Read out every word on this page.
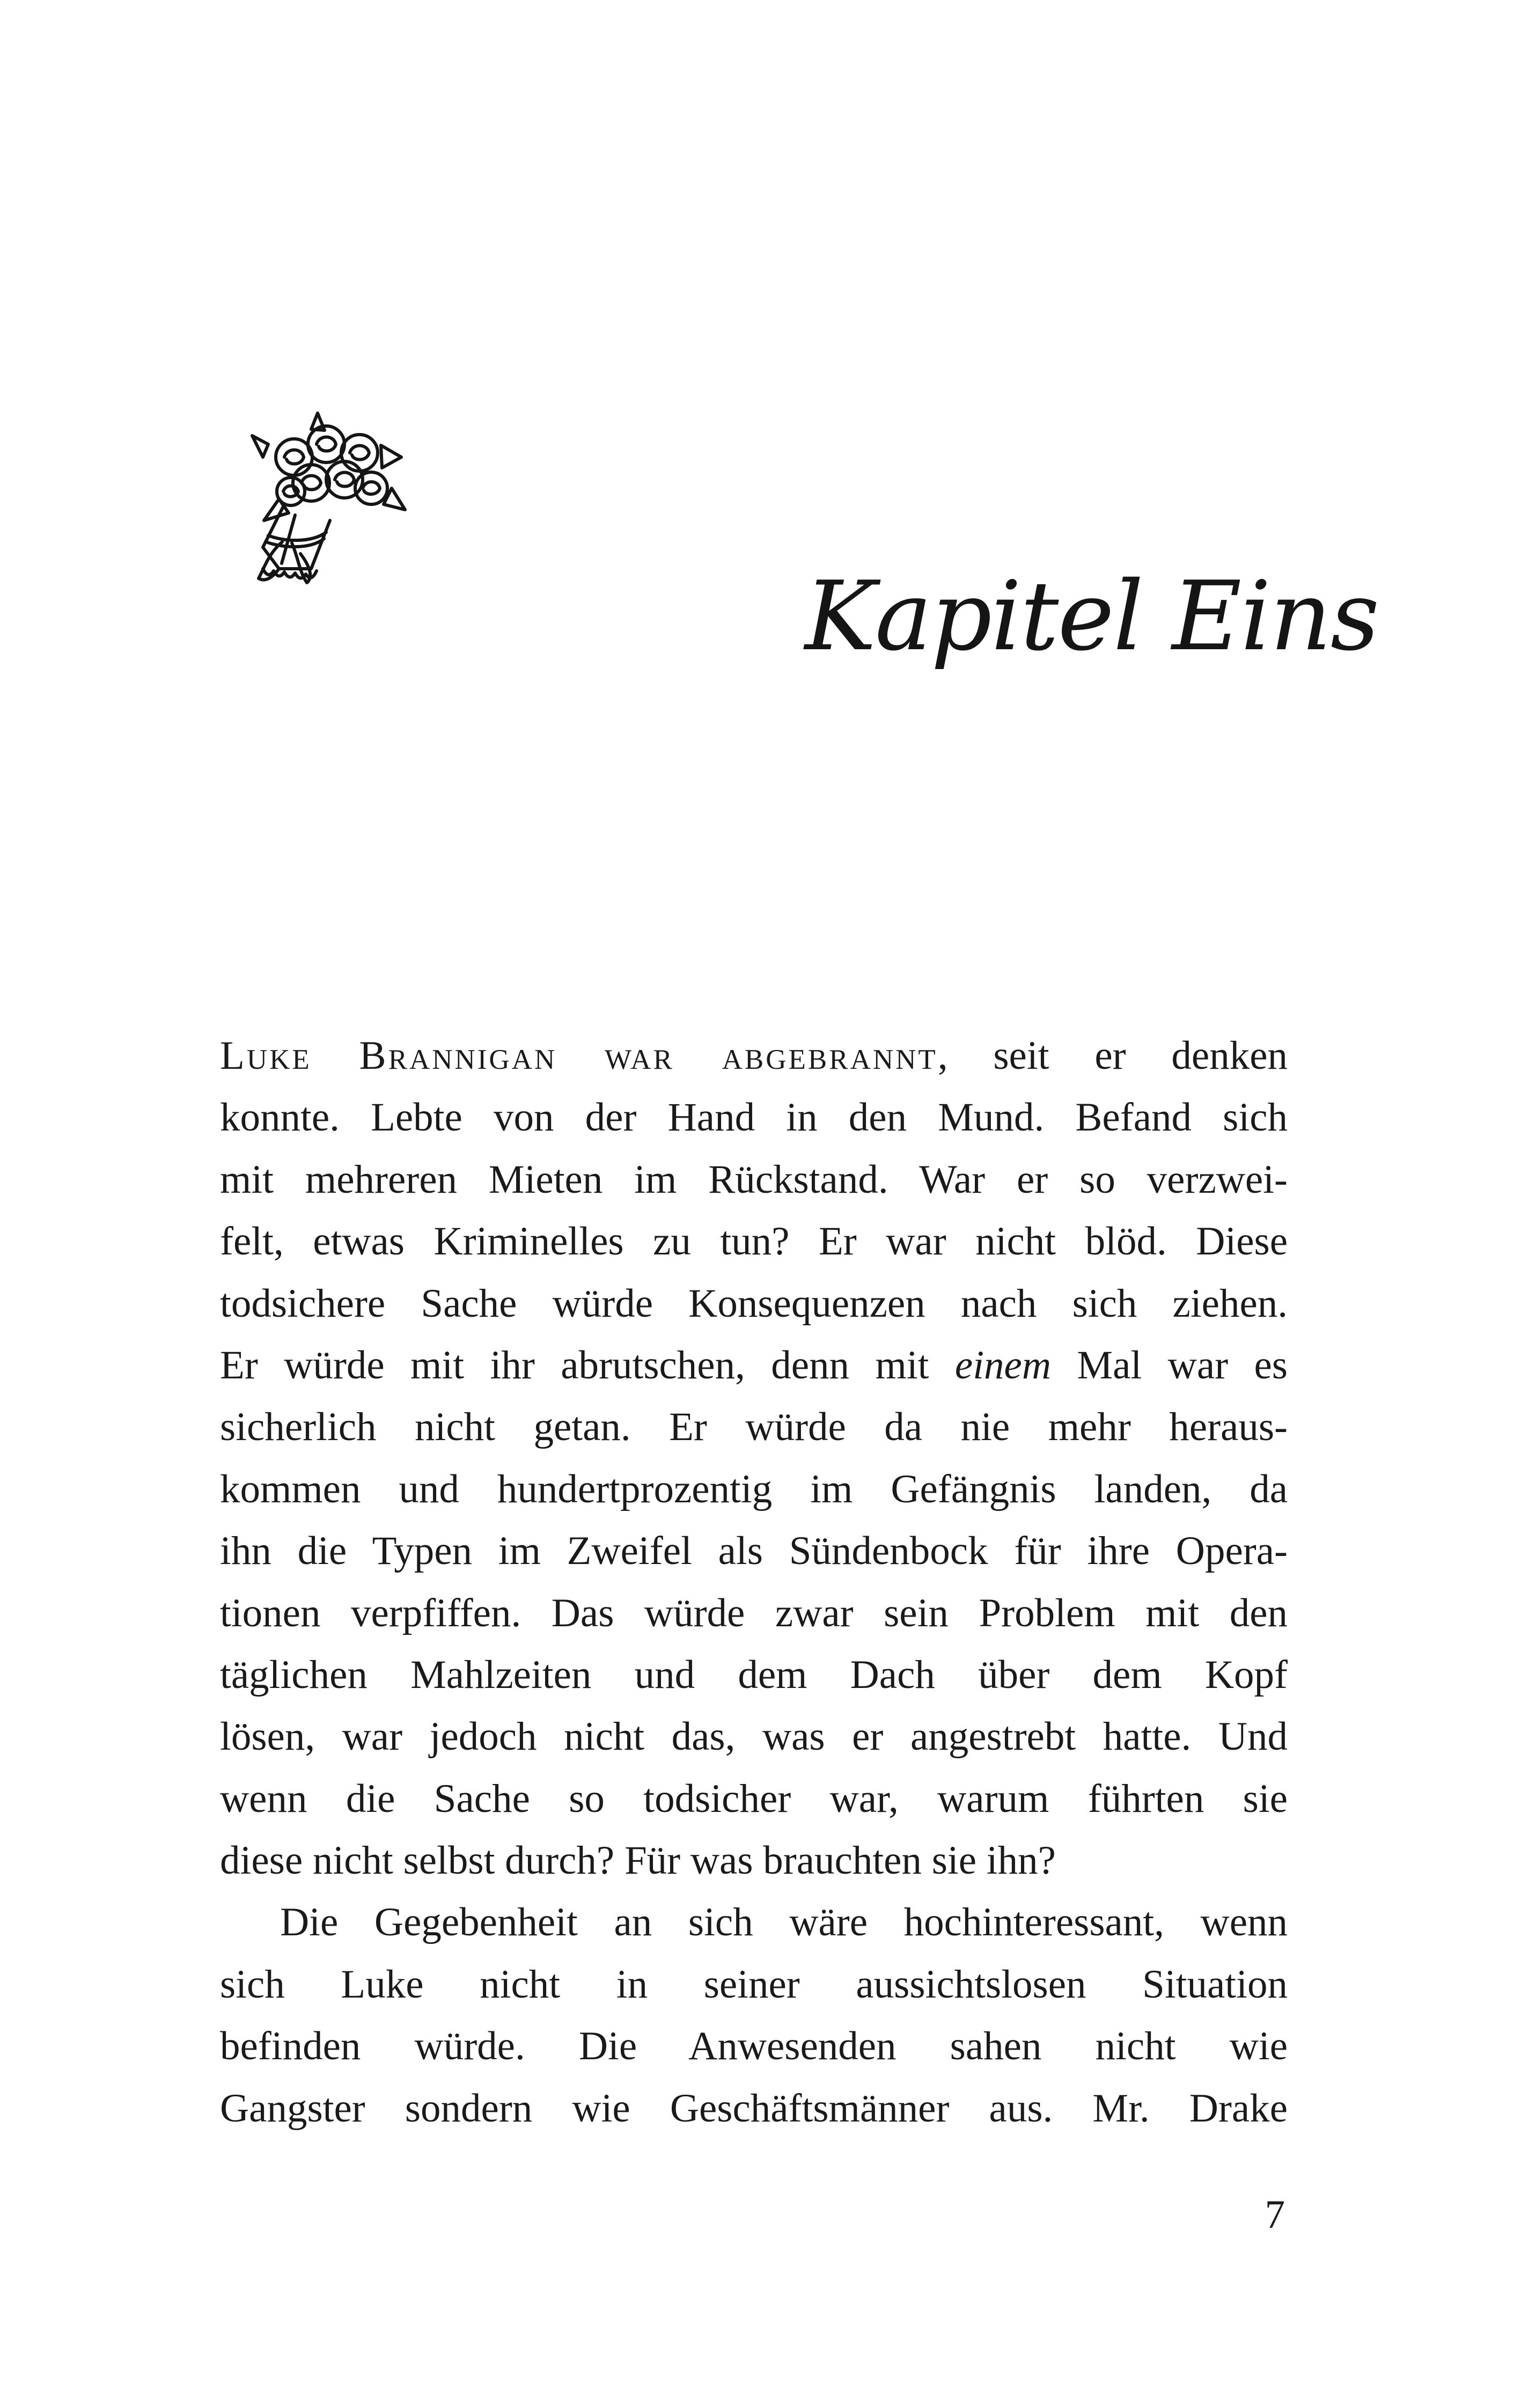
Kapitel Eins
Luke Brannigan war abgebrannt, seit er denken
konnte. Lebte von der Hand in den Mund. Befand sich
mit mehreren Mieten im Rückstand. War er so verzwei-
felt, etwas Kriminelles zu tun? Er war nicht blöd. Diese
todsichere Sache würde Konsequenzen nach sich ziehen.
Er würde mit ihr abrutschen, denn mit einem Mal war es
sicherlich nicht getan. Er würde da nie mehr heraus-
kommen und hundertprozentig im Gefängnis landen, da
ihn die Typen im Zweifel als Sündenbock für ihre Opera-
tionen verpfiffen. Das würde zwar sein Problem mit den
täglichen Mahlzeiten und dem Dach über dem Kopf
lösen, war jedoch nicht das, was er angestrebt hatte. Und
wenn die Sache so todsicher war, warum führten sie
diese nicht selbst durch? Für was brauchten sie ihn?
Die Gegebenheit an sich wäre hochinteressant, wenn
sich Luke nicht in seiner aussichtslosen Situation
befinden würde. Die Anwesenden sahen nicht wie
Gangster sondern wie Geschäftsmänner aus. Mr. Drake
7
